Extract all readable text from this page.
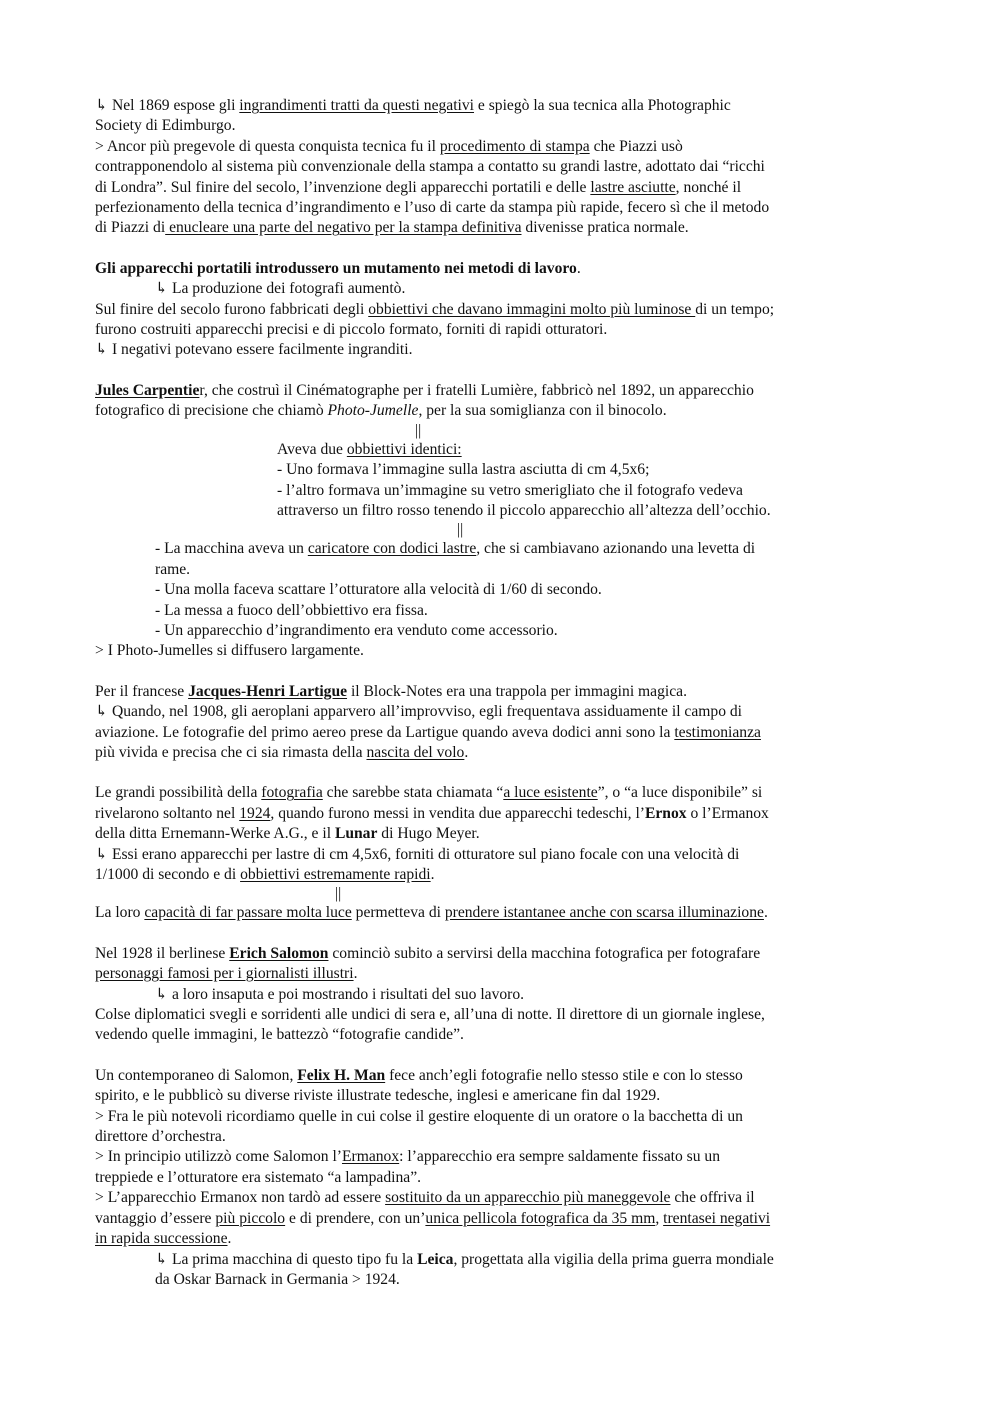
↳ Nel 1869 espose gli ingrandimenti tratti da questi negativi e spiegò la sua tecnica alla Photographic
Society di Edimburgo.
> Ancor più pregevole di questa conquista tecnica fu il procedimento di stampa che Piazzi usò
contrapponendolo al sistema più convenzionale della stampa a contatto su grandi lastre, adottato dai “ricchi
di Londra”. Sul finire del secolo, l’invenzione degli apparecchi portatili e delle lastre asciutte, nonché il
perfezionamento della tecnica d’ingrandimento e l’uso di carte da stampa più rapide, fecero sì che il metodo
di Piazzi di enucleare una parte del negativo per la stampa definitiva divenisse pratica normale.
Gli apparecchi portatili introdussero un mutamento nei metodi di lavoro.
↳ La produzione dei fotografi aumentò.
Sul finire del secolo furono fabbricati degli obbiettivi che davano immagini molto più luminose di un tempo;
furono costruiti apparecchi precisi e di piccolo formato, forniti di rapidi otturatori.
↳ I negativi potevano essere facilmente ingranditi.
Jules Carpentier, che costruì il Cinématographe per i fratelli Lumière, fabbricò nel 1892, un apparecchio
fotografico di precisione che chiamò Photo-Jumelle, per la sua somiglianza con il binocolo.
||
Aveva due obbiettivi identici:
- Uno formava l’immagine sulla lastra asciutta di cm 4,5x6;
- l’altro formava un’immagine su vetro smerigliato che il fotografo vedeva
attraverso un filtro rosso tenendo il piccolo apparecchio all’altezza dell’occhio.
||
- La macchina aveva un caricatore con dodici lastre, che si cambiavano azionando una levetta di
rame.
- Una molla faceva scattare l’otturatore alla velocità di 1/60 di secondo.
- La messa a fuoco dell’obbiettivo era fissa.
- Un apparecchio d’ingrandimento era venduto come accessorio.
> I Photo-Jumelles si diffusero largamente.
Per il francese Jacques-Henri Lartigue il Block-Notes era una trappola per immagini magica.
↳ Quando, nel 1908, gli aeroplani apparvero all’improvviso, egli frequentava assiduamente il campo di
aviazione. Le fotografie del primo aereo prese da Lartigue quando aveva dodici anni sono la testimonianza
più vivida e precisa che ci sia rimasta della nascita del volo.
Le grandi possibilità della fotografia che sarebbe stata chiamata “a luce esistente”, o “a luce disponibile” si
rivelarono soltanto nel 1924, quando furono messi in vendita due apparecchi tedeschi, l’Ernox o l’Ermanox
della ditta Ernemann-Werke A.G., e il Lunar di Hugo Meyer.
↳ Essi erano apparecchi per lastre di cm 4,5x6, forniti di otturatore sul piano focale con una velocità di
1/1000 di secondo e di obbiettivi estremamente rapidi.
||
La loro capacità di far passare molta luce permetteva di prendere istantanee anche con scarsa illuminazione.
Nel 1928 il berlinese Erich Salomon cominciò subito a servirsi della macchina fotografica per fotografare
personaggi famosi per i giornalisti illustri.
↳ a loro insaputa e poi mostrando i risultati del suo lavoro.
Colse diplomatici svegli e sorridenti alle undici di sera e, all’una di notte. Il direttore di un giornale inglese,
vedendo quelle immagini, le battezzò “fotografie candide”.
Un contemporaneo di Salomon, Felix H. Man fece anch’egli fotografie nello stesso stile e con lo stesso
spirito, e le pubblicò su diverse riviste illustrate tedesche, inglesi e americane fin dal 1929.
> Fra le più notevoli ricordiamo quelle in cui colse il gestire eloquente di un oratore o la bacchetta di un
direttore d’orchestra.
> In principio utilizzò come Salomon l’Ermanox: l’apparecchio era sempre saldamente fissato su un
treppiede e l’otturatore era sistemato “a lampadina”.
> L’apparecchio Ermanox non tardò ad essere sostituito da un apparecchio più maneggevole che offriva il
vantaggio d’essere più piccolo e di prendere, con un’unica pellicola fotografica da 35 mm, trentasei negativi
in rapida successione.
↳ La prima macchina di questo tipo fu la Leica, progettata alla vigilia della prima guerra mondiale
da Oskar Barnack in Germania > 1924.
